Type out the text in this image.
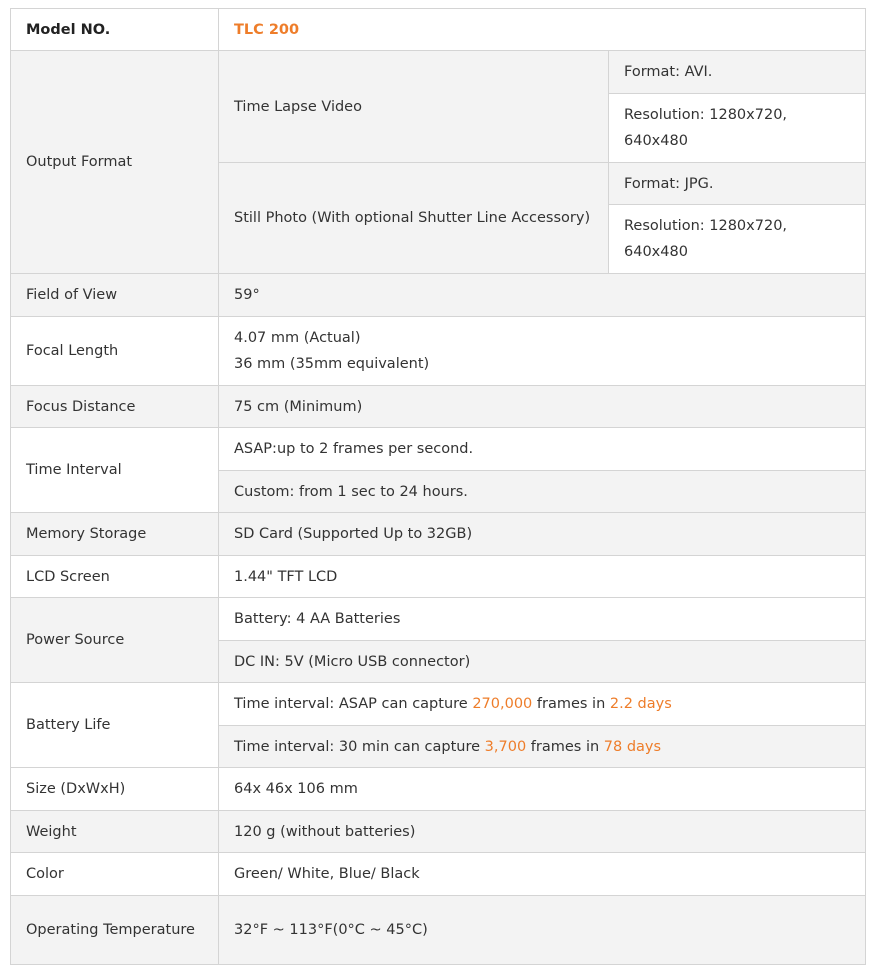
Model NO.	TLC 200	
Output Format	Time Lapse Video	Format: AVI.
		Resolution: 1280x720, 640x480
	Still Photo (With optional Shutter Line Accessory)	Format: JPG.
		Resolution: 1280x720, 640x480
Field of View	59°	
Focal Length	4.07 mm (Actual)
36 mm (35mm equivalent)	

Focus Distance	75 cm (Minimum)	
Time Interval	ASAP:up to 2 frames per second.	
	Custom: from 1 sec to 24 hours.	
Memory Storage	SD Card (Supported Up to 32GB)	
LCD Screen	1.44" TFT LCD	
Power Source	Battery: 4 AA Batteries	
	DC IN: 5V (Micro USB connector)	
Battery Life	Time interval: ASAP can capture 270,000 frames in 2.2 days	
	Time interval: 30 min can capture 3,700 frames in 78 days	
Size (DxWxH)	64x 46x 106 mm	
Weight	120 g (without batteries)	
Color	Green/ White, Blue/ Black	
Operating Temperature	32°F ~ 113°F(0°C ~ 45°C)	
